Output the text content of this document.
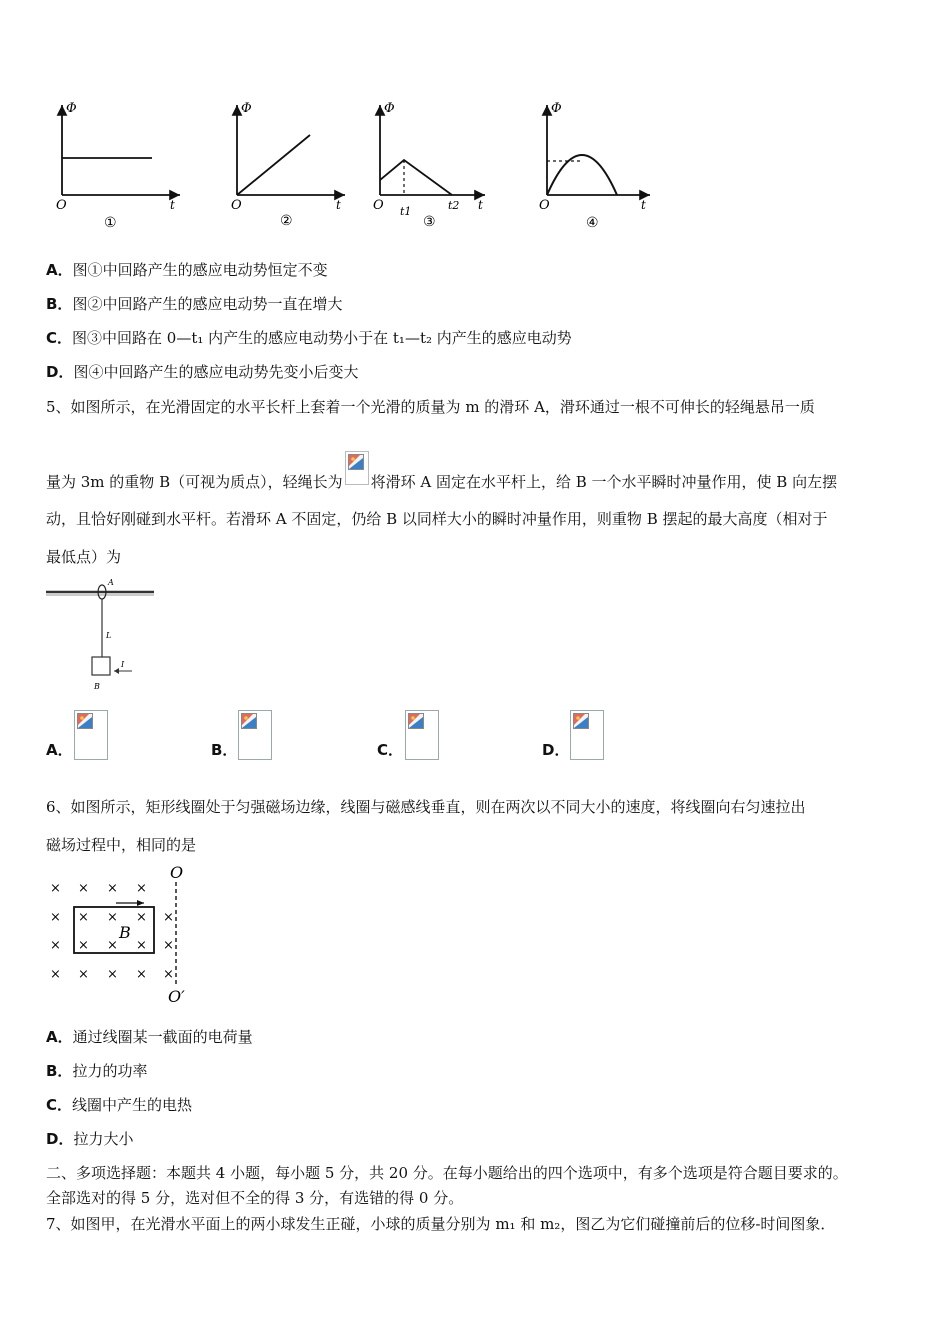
Φ
O	t
①
Φ
O	t
②
Φ
O t1	t2 t
③
Φ
O	t
④
A．图①中回路产生的感应电动势恒定不变
B．图②中回路产生的感应电动势一直在增大
C．图③中回路在 0—t₁ 内产生的感应电动势小于在 t₁—t₂ 内产生的感应电动势
D．图④中回路产生的感应电动势先变小后变大
5、如图所示，在光滑固定的水平长杆上套着一个光滑的质量为 m 的滑环 A，滑环通过一根不可伸长的轻绳悬吊一质
量为 3m 的重物 B（可视为质点），轻绳长为 将滑环 A 固定在水平杆上，给 B 一个水平瞬时冲量作用，使 B 向左摆
动，且恰好刚碰到水平杆。若滑环 A 不固定，仍给 B 以同样大小的瞬时冲量作用，则重物 B 摆起的最大高度（相对于
最低点）为
A
L
I
B
A．	B．	C．	D．
6、如图所示，矩形线圈处于匀强磁场边缘，线圈与磁感线垂直，则在两次以不同大小的速度，将线圈向右匀速拉出
磁场过程中，相同的是
× × × ×
× × × × ×
× × × × ×
× × × × ×
O
O′
B
A．通过线圈某一截面的电荷量
B．拉力的功率
C．线圈中产生的电热
D．拉力大小
二、多项选择题：本题共 4 小题，每小题 5 分，共 20 分。在每小题给出的四个选项中，有多个选项是符合题目要求的。
全部选对的得 5 分，选对但不全的得 3 分，有选错的得 0 分。
7、如图甲，在光滑水平面上的两小球发生正碰，小球的质量分别为 m₁ 和 m₂，图乙为它们碰撞前后的位移-时间图象．
